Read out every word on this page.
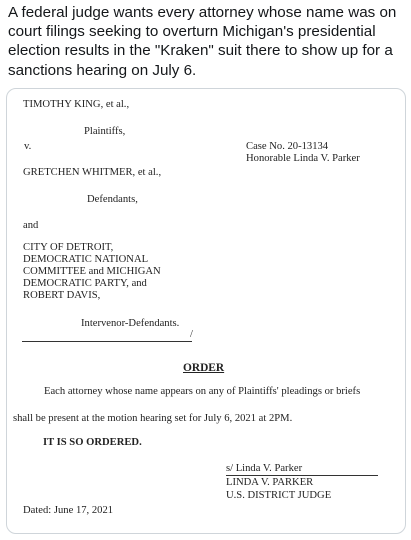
A federal judge wants every attorney whose name was on court filings seeking to overturn Michigan's presidential election results in the "Kraken" suit there to show up for a sanctions hearing on July 6.
TIMOTHY KING, et al.,
Plaintiffs,
v.	Case No. 20-13134
Honorable Linda V. Parker
GRETCHEN WHITMER, et al.,
Defendants,
and
CITY OF DETROIT,
DEMOCRATIC NATIONAL
COMMITTEE and MICHIGAN
DEMOCRATIC PARTY, and
ROBERT DAVIS,
Intervenor-Defendants.
/
ORDER
Each attorney whose name appears on any of Plaintiffs' pleadings or briefs
shall be present at the motion hearing set for July 6, 2021 at 2PM.
IT IS SO ORDERED.
s/ Linda V. Parker
LINDA V. PARKER
U.S. DISTRICT JUDGE
Dated: June 17, 2021
